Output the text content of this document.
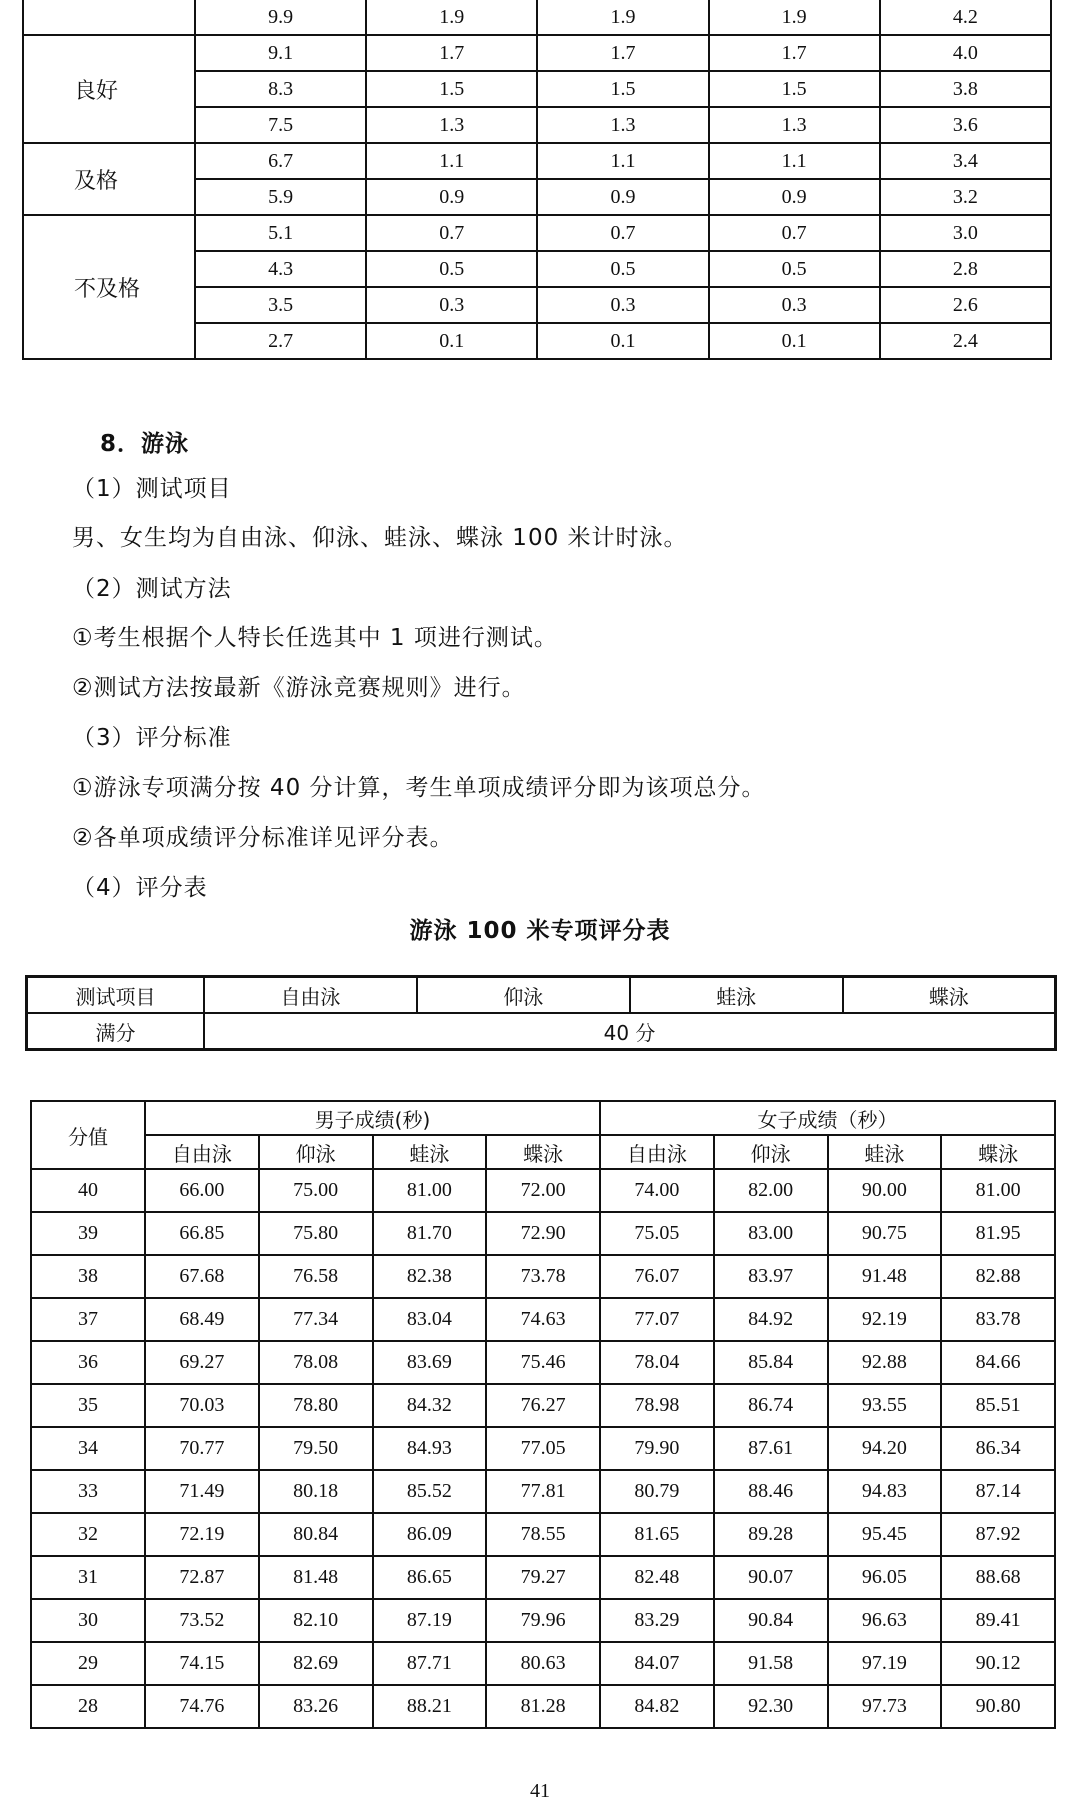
	9.9	1.9	1.9	1.9	4.2
良好	9.1	1.7	1.7	1.7	4.0
	8.3	1.5	1.5	1.5	3.8
	7.5	1.3	1.3	1.3	3.6
及格	6.7	1.1	1.1	1.1	3.4
	5.9	0.9	0.9	0.9	3.2
不及格	5.1	0.7	0.7	0.7	3.0
	4.3	0.5	0.5	0.5	2.8
	3.5	0.3	0.3	0.3	2.6
	2.7	0.1	0.1	0.1	2.4
8．游泳
（1）测试项目
男、女生均为自由泳、仰泳、蛙泳、蝶泳 100 米计时泳。
（2）测试方法
①考生根据个人特长任选其中 1 项进行测试。
②测试方法按最新《游泳竞赛规则》进行。
（3）评分标准
①游泳专项满分按 40 分计算，考生单项成绩评分即为该项总分。
②各单项成绩评分标准详见评分表。
（4）评分表
游泳 100 米专项评分表
测试项目	自由泳	仰泳	蛙泳	蝶泳
满分	40 分			
分值	男子成绩(秒)				女子成绩（秒）			
	自由泳	仰泳	蛙泳	蝶泳	自由泳	仰泳	蛙泳	蝶泳
40	66.00	75.00	81.00	72.00	74.00	82.00	90.00	81.00
39	66.85	75.80	81.70	72.90	75.05	83.00	90.75	81.95
38	67.68	76.58	82.38	73.78	76.07	83.97	91.48	82.88
37	68.49	77.34	83.04	74.63	77.07	84.92	92.19	83.78
36	69.27	78.08	83.69	75.46	78.04	85.84	92.88	84.66
35	70.03	78.80	84.32	76.27	78.98	86.74	93.55	85.51
34	70.77	79.50	84.93	77.05	79.90	87.61	94.20	86.34
33	71.49	80.18	85.52	77.81	80.79	88.46	94.83	87.14
32	72.19	80.84	86.09	78.55	81.65	89.28	95.45	87.92
31	72.87	81.48	86.65	79.27	82.48	90.07	96.05	88.68
30	73.52	82.10	87.19	79.96	83.29	90.84	96.63	89.41
29	74.15	82.69	87.71	80.63	84.07	91.58	97.19	90.12
28	74.76	83.26	88.21	81.28	84.82	92.30	97.73	90.80
41
